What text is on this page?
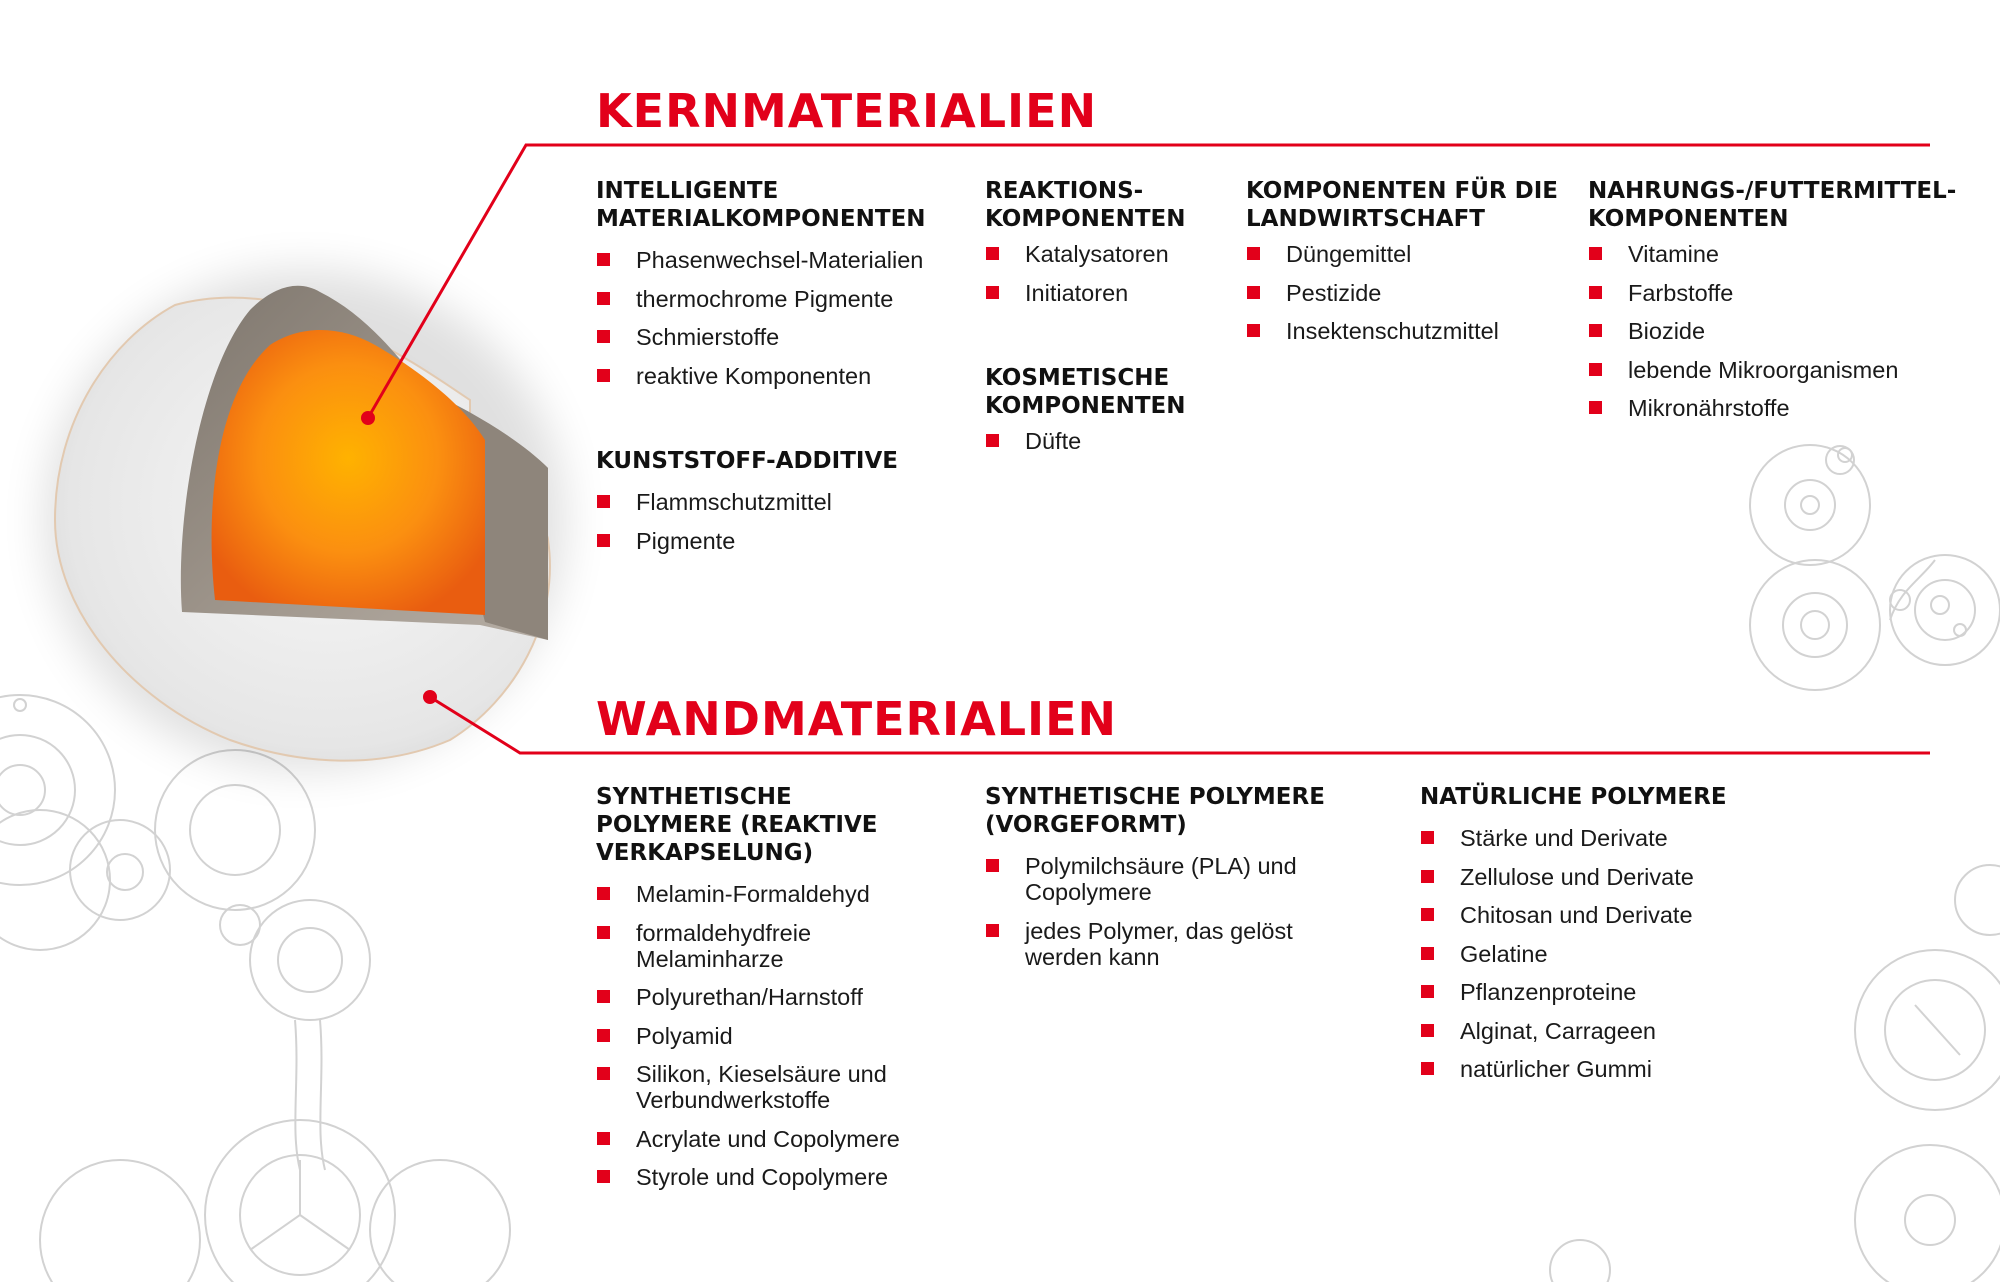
KERNMATERIALIEN
INTELLIGENTE
MATERIALKOMPONENTEN
Phasenwechsel-Materialien
thermochrome Pigmente
Schmierstoffe
reaktive Komponenten
KUNSTSTOFF-ADDITIVE
Flammschutzmittel
Pigmente
REAKTIONS-
KOMPONENTEN
Katalysatoren
Initiatoren
KOSMETISCHE
KOMPONENTEN
Düfte
KOMPONENTEN FÜR DIE
LANDWIRTSCHAFT
Düngemittel
Pestizide
Insektenschutzmittel
NAHRUNGS-/FUTTERMITTEL-
KOMPONENTEN
Vitamine
Farbstoffe
Biozide
lebende Mikroorganismen
Mikronährstoffe
WANDMATERIALIEN
SYNTHETISCHE
POLYMERE (REAKTIVE
VERKAPSELUNG)
Melamin-Formaldehyd
formaldehydfreie
Melaminharze
Polyurethan/Harnstoff
Polyamid
Silikon, Kieselsäure und
Verbundwerkstoffe
Acrylate und Copolymere
Styrole und Copolymere
SYNTHETISCHE POLYMERE
(VORGEFORMT)
Polymilchsäure (PLA) und
Copolymere
jedes Polymer, das gelöst
werden kann
NATÜRLICHE POLYMERE
Stärke und Derivate
Zellulose und Derivate
Chitosan und Derivate
Gelatine
Pflanzenproteine
Alginat, Carrageen
natürlicher Gummi
